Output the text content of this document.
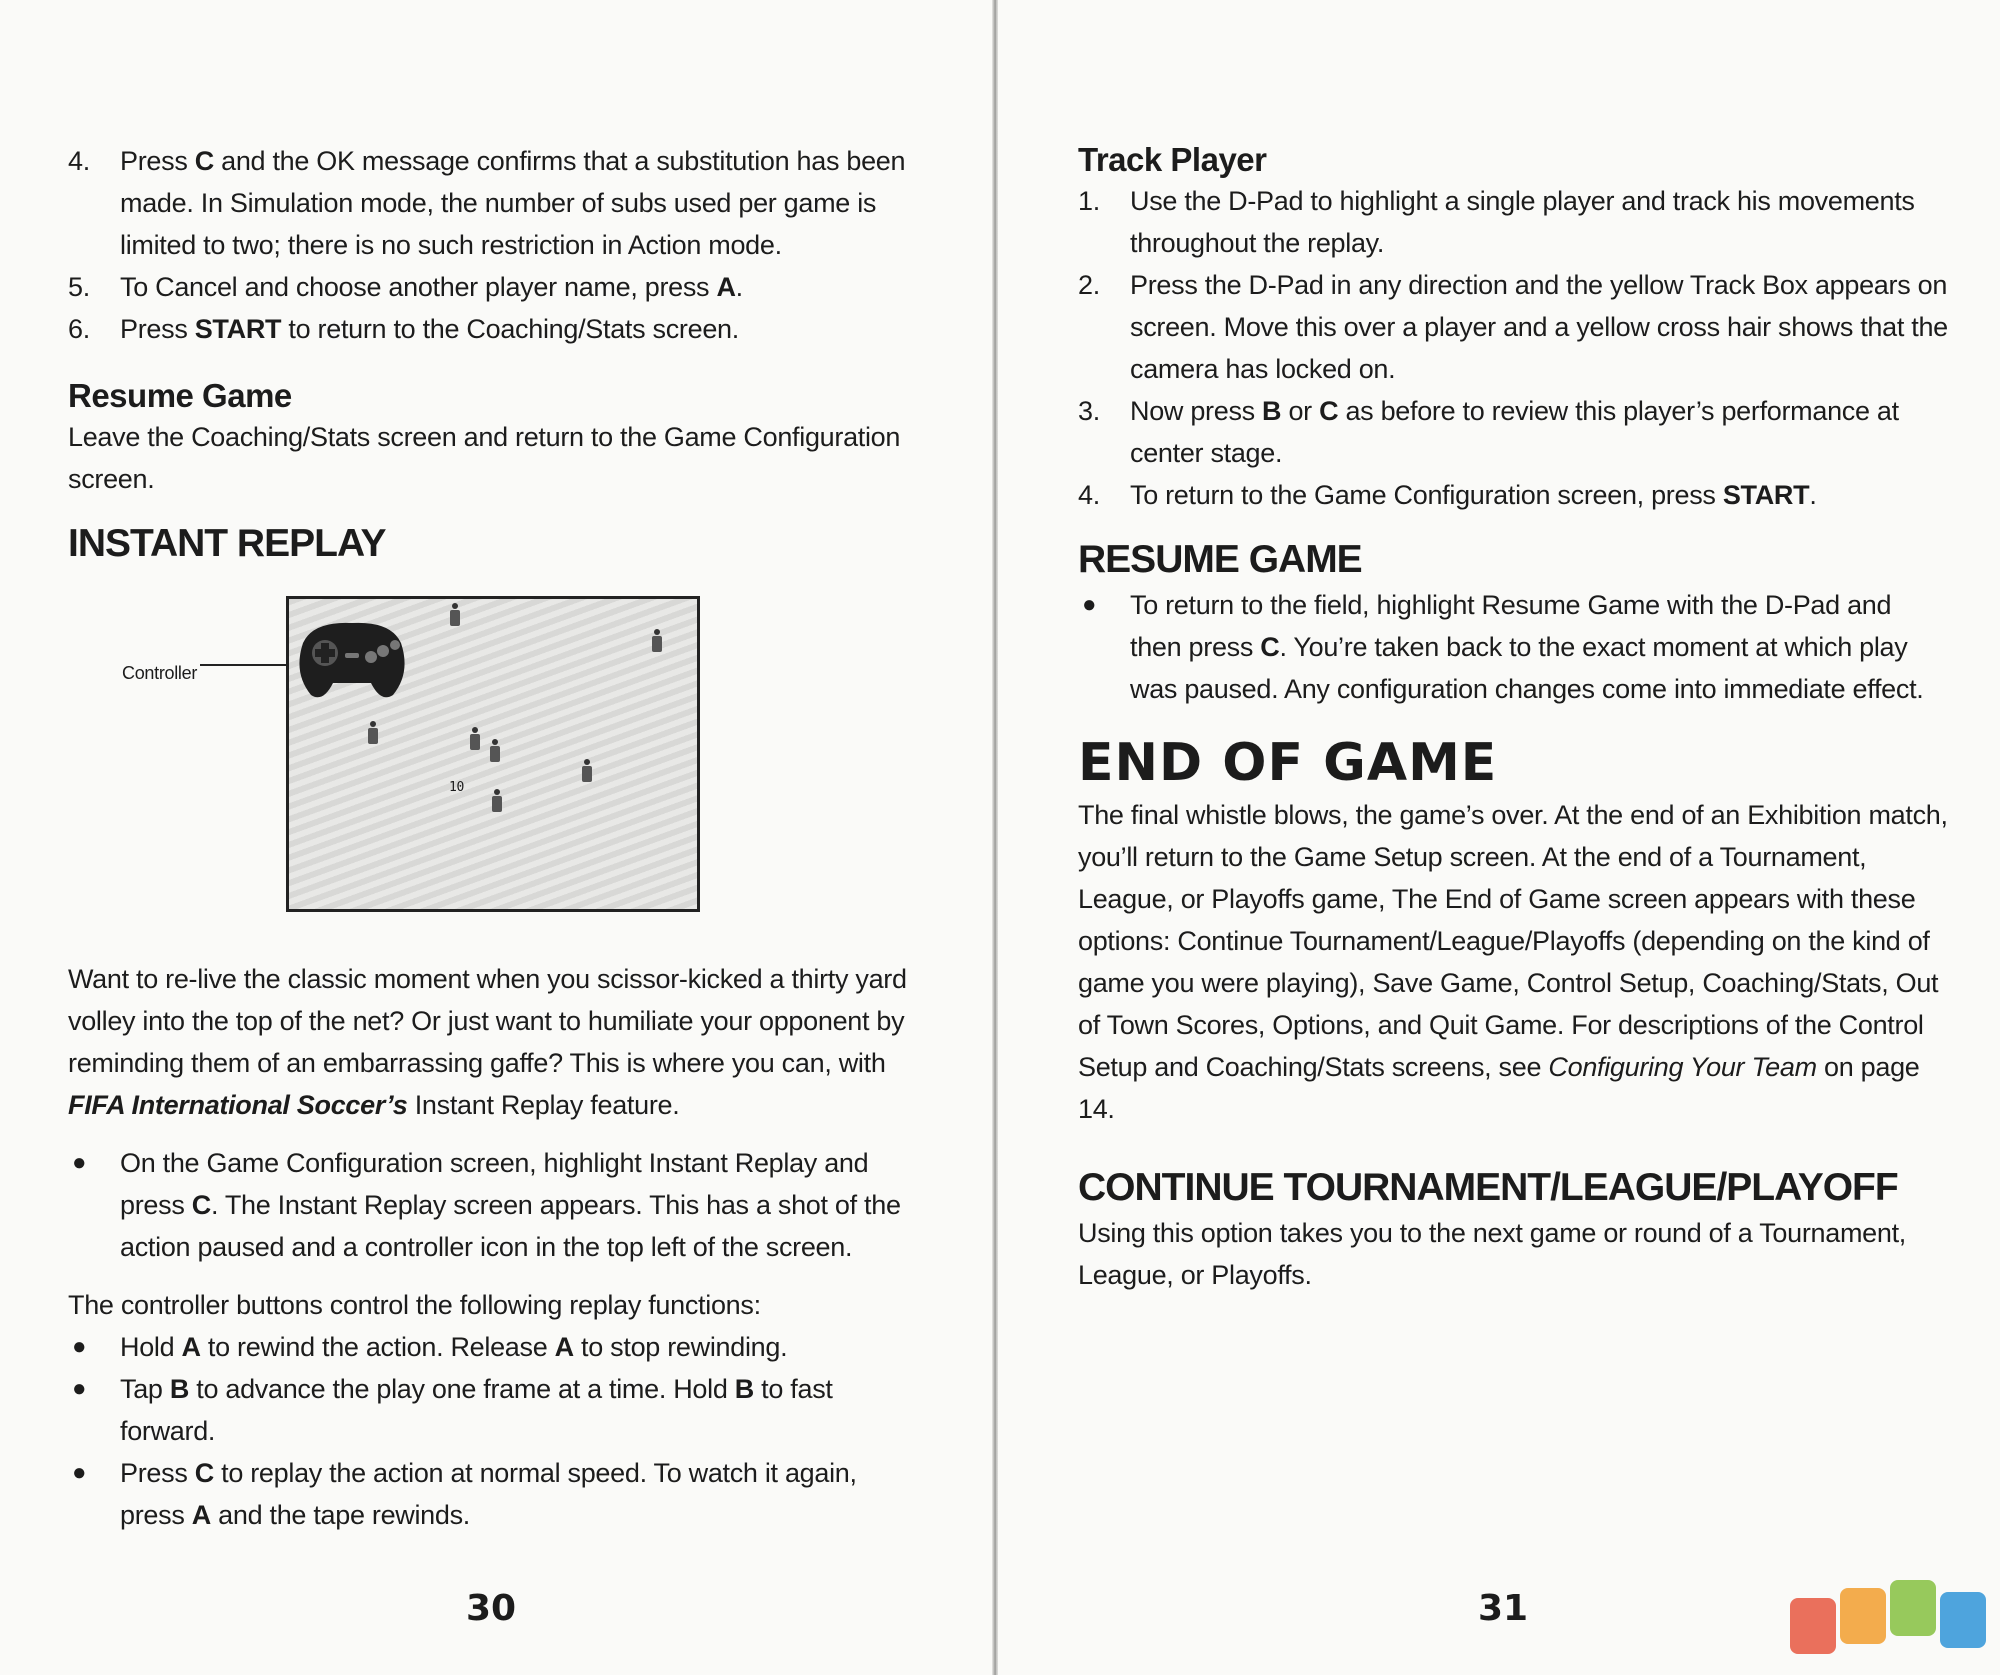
4. Press C and the OK message confirms that a substitution has been made. In Simulation mode, the number of subs used per game is limited to two; there is no such restriction in Action mode.
5. To Cancel and choose another player name, press A.
6. Press START to return to the Coaching/Stats screen.
Resume Game
Leave the Coaching/Stats screen and return to the Game Configuration screen.
INSTANT REPLAY
Controller
10
Want to re-live the classic moment when you scissor-kicked a thirty yard volley into the top of the net? Or just want to humiliate your opponent by reminding them of an embarrassing gaffe? This is where you can, with FIFA International Soccer’s Instant Replay feature.
● On the Game Configuration screen, highlight Instant Replay and press C. The Instant Replay screen appears. This has a shot of the action paused and a controller icon in the top left of the screen.
The controller buttons control the following replay functions:
● Hold A to rewind the action. Release A to stop rewinding.
● Tap B to advance the play one frame at a time. Hold B to fast forward.
● Press C to replay the action at normal speed. To watch it again, press A and the tape rewinds.
30
Track Player
1. Use the D-Pad to highlight a single player and track his movements throughout the replay.
2. Press the D-Pad in any direction and the yellow Track Box appears on screen. Move this over a player and a yellow cross hair shows that the camera has locked on.
3. Now press B or C as before to review this player’s performance at center stage.
4. To return to the Game Configuration screen, press START.
RESUME GAME
● To return to the field, highlight Resume Game with the D-Pad and then press C. You’re taken back to the exact moment at which play was paused. Any configuration changes come into immediate effect.
END OF GAME
The final whistle blows, the game’s over. At the end of an Exhibition match, you’ll return to the Game Setup screen. At the end of a Tournament, League, or Playoffs game, The End of Game screen appears with these options: Continue Tournament/League/Playoffs (depending on the kind of game you were playing), Save Game, Control Setup, Coaching/Stats, Out of Town Scores, Options, and Quit Game. For descriptions of the Control Setup and Coaching/Stats screens, see Configuring Your Team on page 14.
CONTINUE TOURNAMENT/LEAGUE/PLAYOFF
Using this option takes you to the next game or round of a Tournament, League, or Playoffs.
31
